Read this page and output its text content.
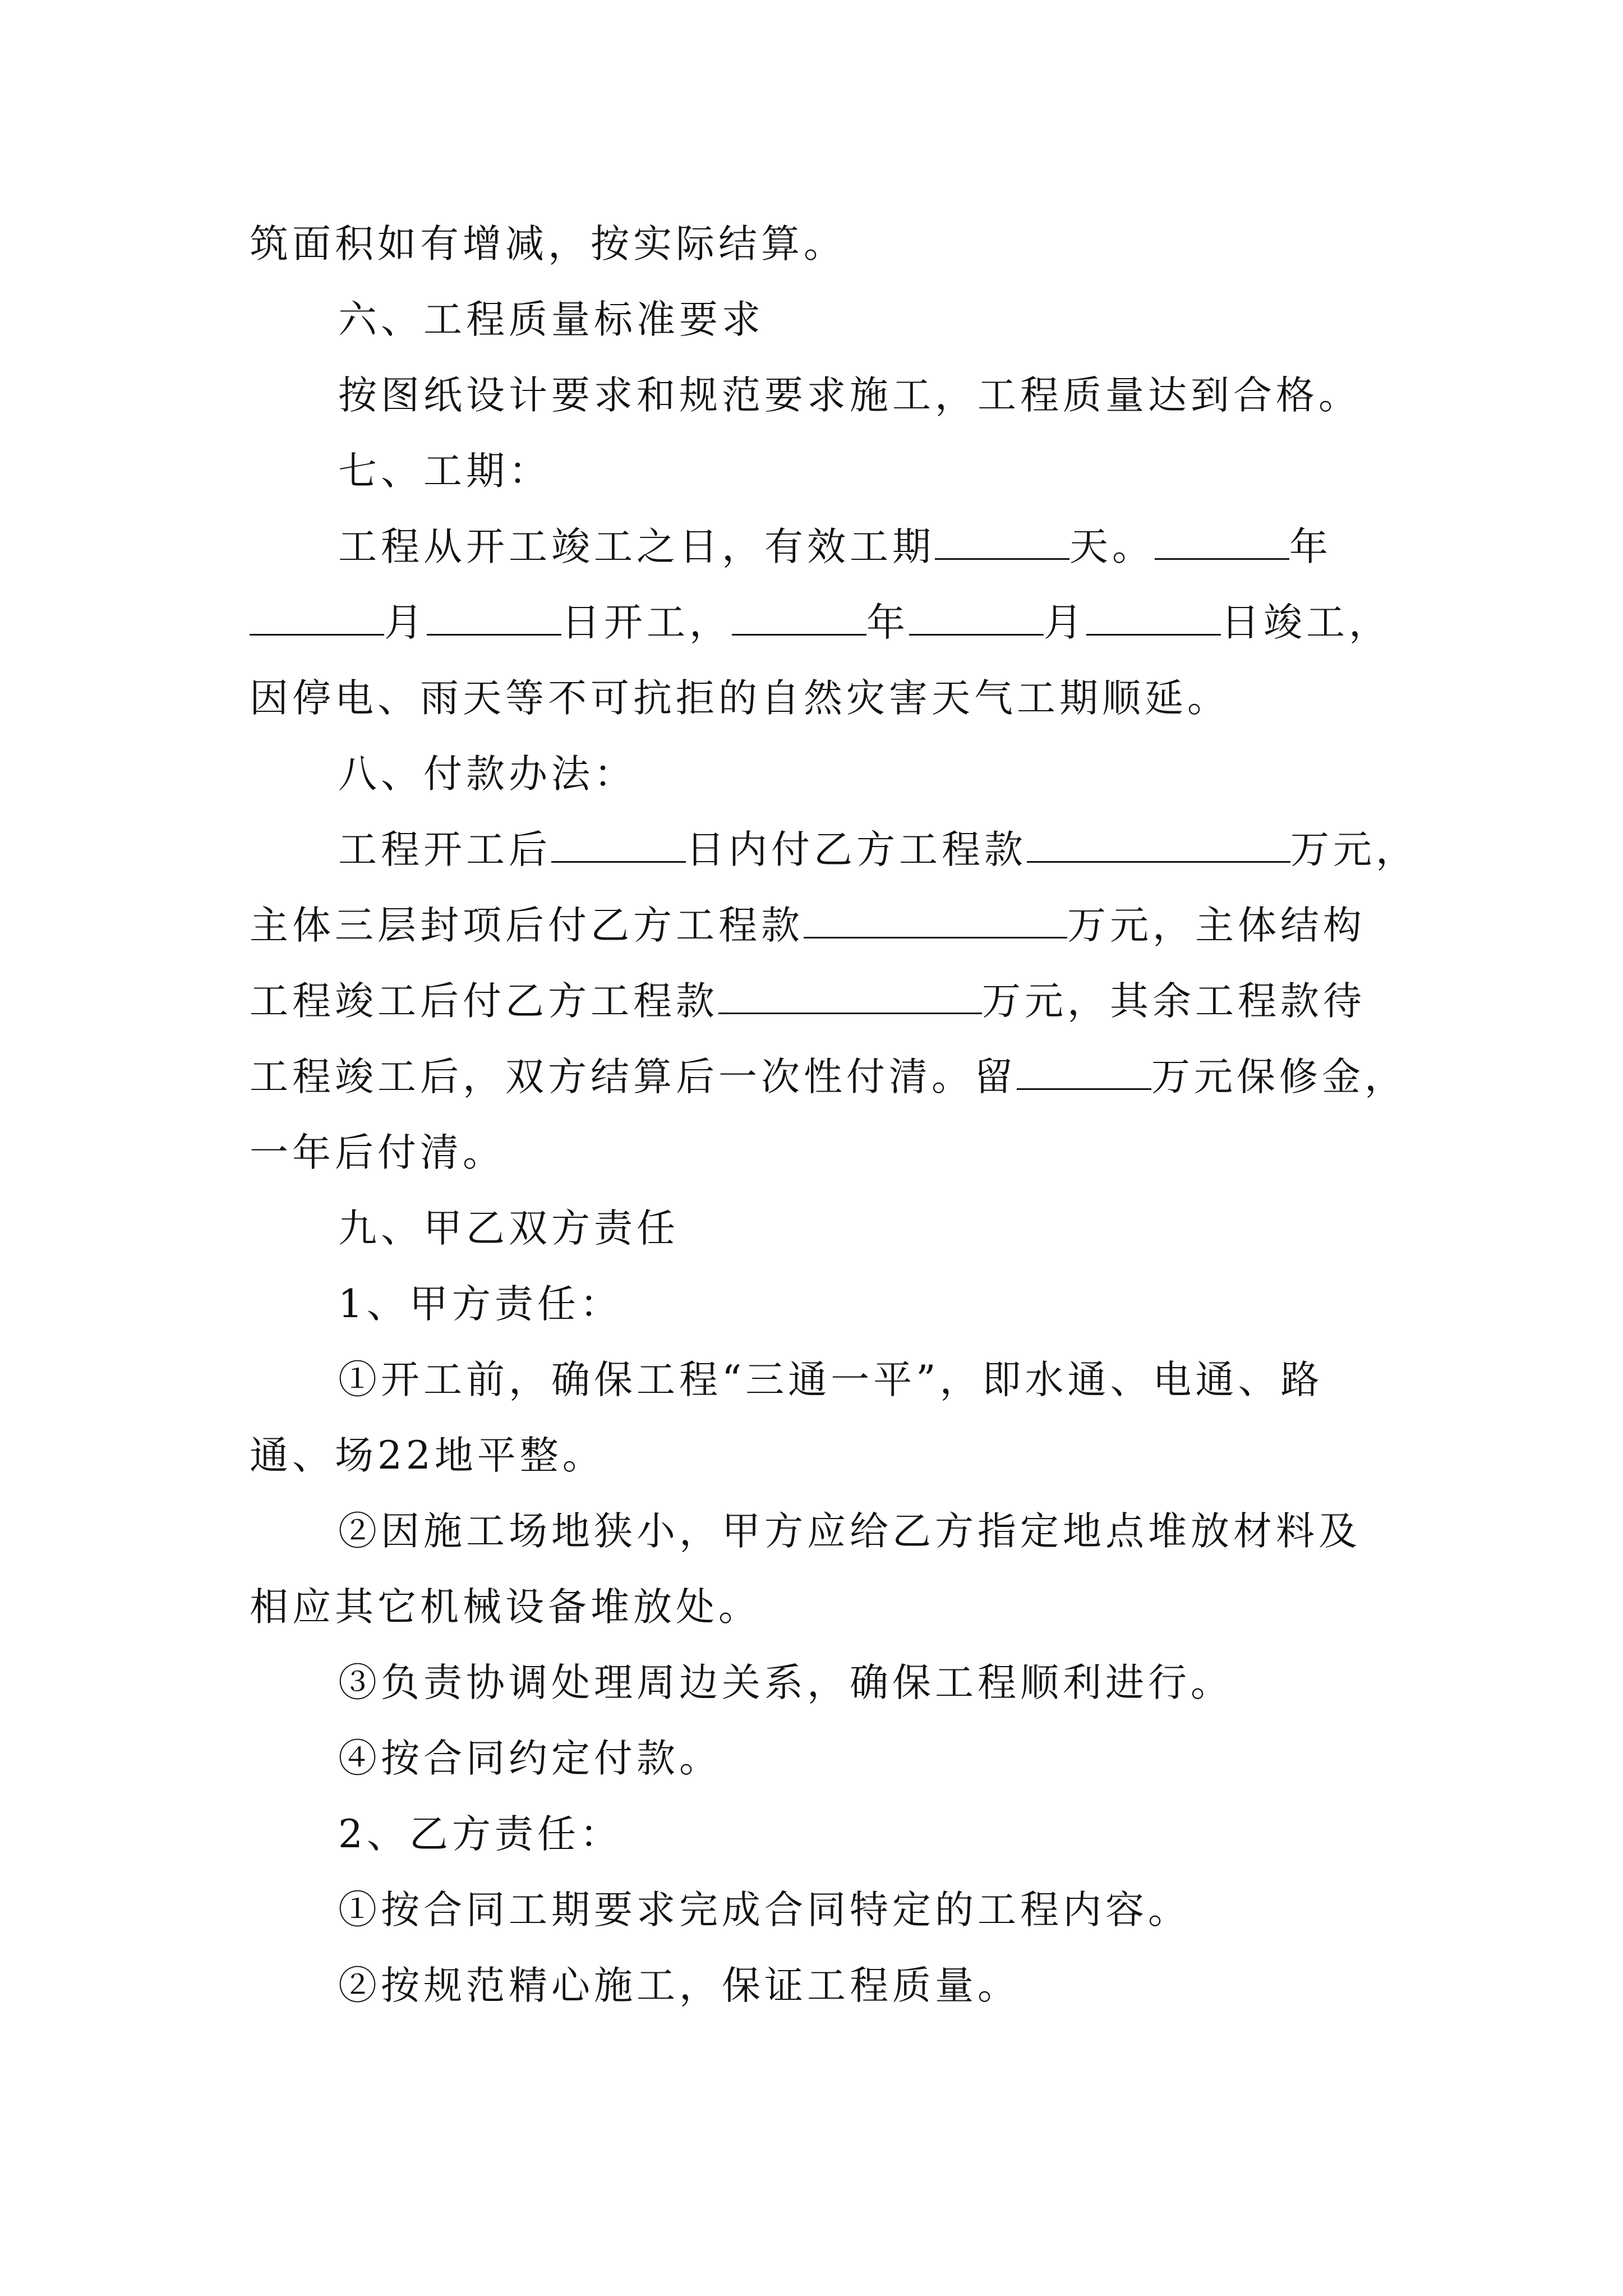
筑面积如有增减，按实际结算。
六、工程质量标准要求
按图纸设计要求和规范要求施工，工程质量达到合格。
七、工期：
工程从开工竣工之日，有效工期	天。	年
月	日开工，	年	月	日竣工，
因停电、雨天等不可抗拒的自然灾害天气工期顺延。
八、付款办法：
工程开工后	日内付乙方工程款	万元，
主体三层封项后付乙方工程款	万元，主体结构
工程竣工后付乙方工程款	万元，其余工程款待
工程竣工后，双方结算后一次性付清。留	万元保修金，
一年后付清。
九、甲乙双方责任
1、甲方责任：
①开工前，确保工程“三通一平”，即水通、电通、路
通、场22地平整。
②因施工场地狭小，甲方应给乙方指定地点堆放材料及
相应其它机械设备堆放处。
③负责协调处理周边关系，确保工程顺利进行。
④按合同约定付款。
2、乙方责任：
①按合同工期要求完成合同特定的工程内容。
②按规范精心施工，保证工程质量。
